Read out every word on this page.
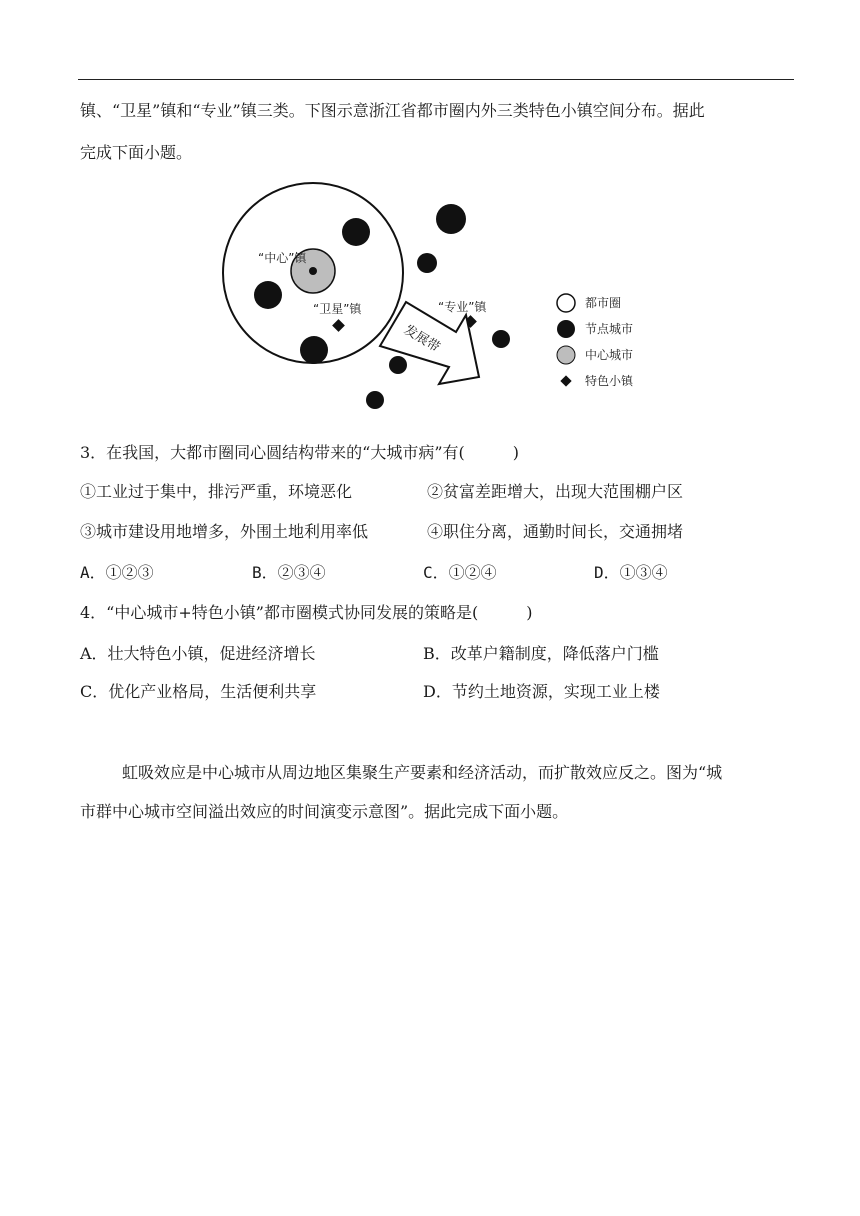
镇、“卫星”镇和“专业”镇三类。下图示意浙江省都市圈内外三类特色小镇空间分布。据此
完成下面小题。
发展带
“中心”镇
“卫星”镇	“专业”镇	都市圈
节点城市
中心城市
特色小镇
3．在我国，大都市圈同心圆结构带来的“大城市病”有(　　　)
①工业过于集中，排污严重，环境恶化	②贫富差距增大，出现大范围棚户区
③城市建设用地增多，外围土地利用率低	④职住分离，通勤时间长，交通拥堵
A．①②③	B．②③④	C．①②④	D．①③④
4．“中心城市+特色小镇”都市圈模式协同发展的策略是(　　　)
A．壮大特色小镇，促进经济增长	B．改革户籍制度，降低落户门槛
C．优化产业格局，生活便利共享	D．节约土地资源，实现工业上楼
虹吸效应是中心城市从周边地区集聚生产要素和经济活动，而扩散效应反之。图为“城
市群中心城市空间溢出效应的时间演变示意图”。据此完成下面小题。
